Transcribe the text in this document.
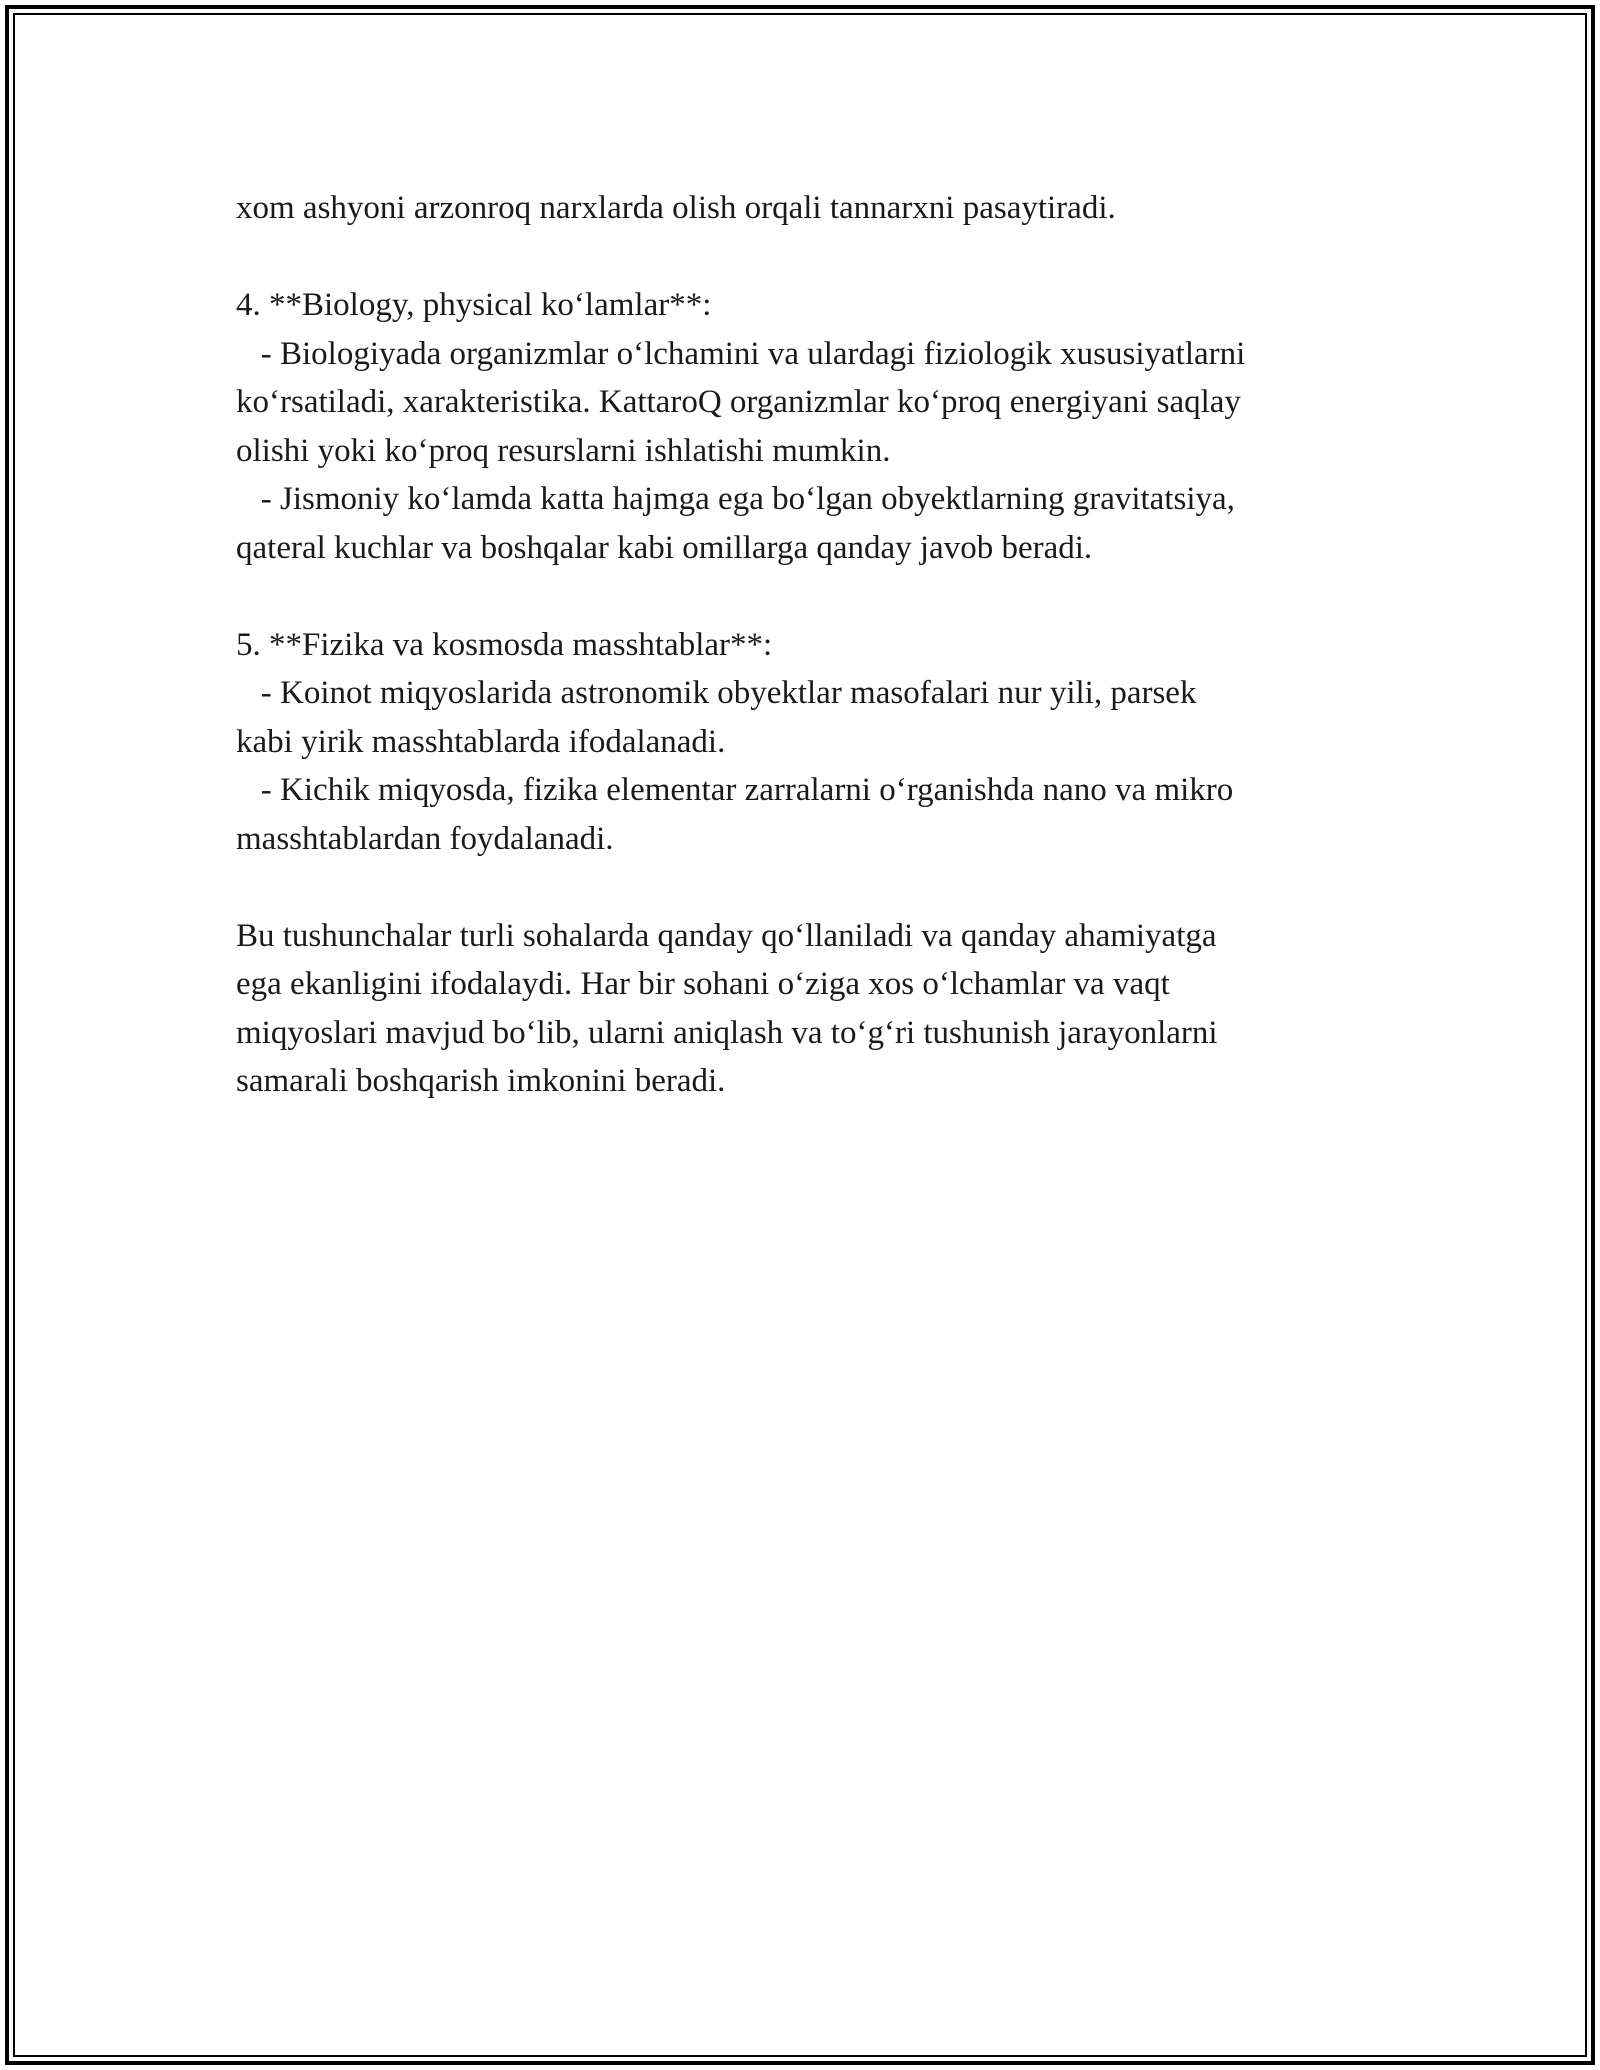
xom ashyoni arzonroq narxlarda olish orqali tannarxni pasaytiradi.
4. **Biology, physical ko‘lamlar**:
- Biologiyada organizmlar o‘lchamini va ulardagi fiziologik xususiyatlarni
ko‘rsatiladi, xarakteristika. KattaroQ organizmlar ko‘proq energiyani saqlay
olishi yoki ko‘proq resurslarni ishlatishi mumkin.
- Jismoniy ko‘lamda katta hajmga ega bo‘lgan obyektlarning gravitatsiya,
qateral kuchlar va boshqalar kabi omillarga qanday javob beradi.
5. **Fizika va kosmosda masshtablar**:
- Koinot miqyoslarida astronomik obyektlar masofalari nur yili, parsek
kabi yirik masshtablarda ifodalanadi.
- Kichik miqyosda, fizika elementar zarralarni o‘rganishda nano va mikro
masshtablardan foydalanadi.
Bu tushunchalar turli sohalarda qanday qo‘llaniladi va qanday ahamiyatga
ega ekanligini ifodalaydi. Har bir sohani o‘ziga xos o‘lchamlar va vaqt
miqyoslari mavjud bo‘lib, ularni aniqlash va to‘g‘ri tushunish jarayonlarni
samarali boshqarish imkonini beradi.
